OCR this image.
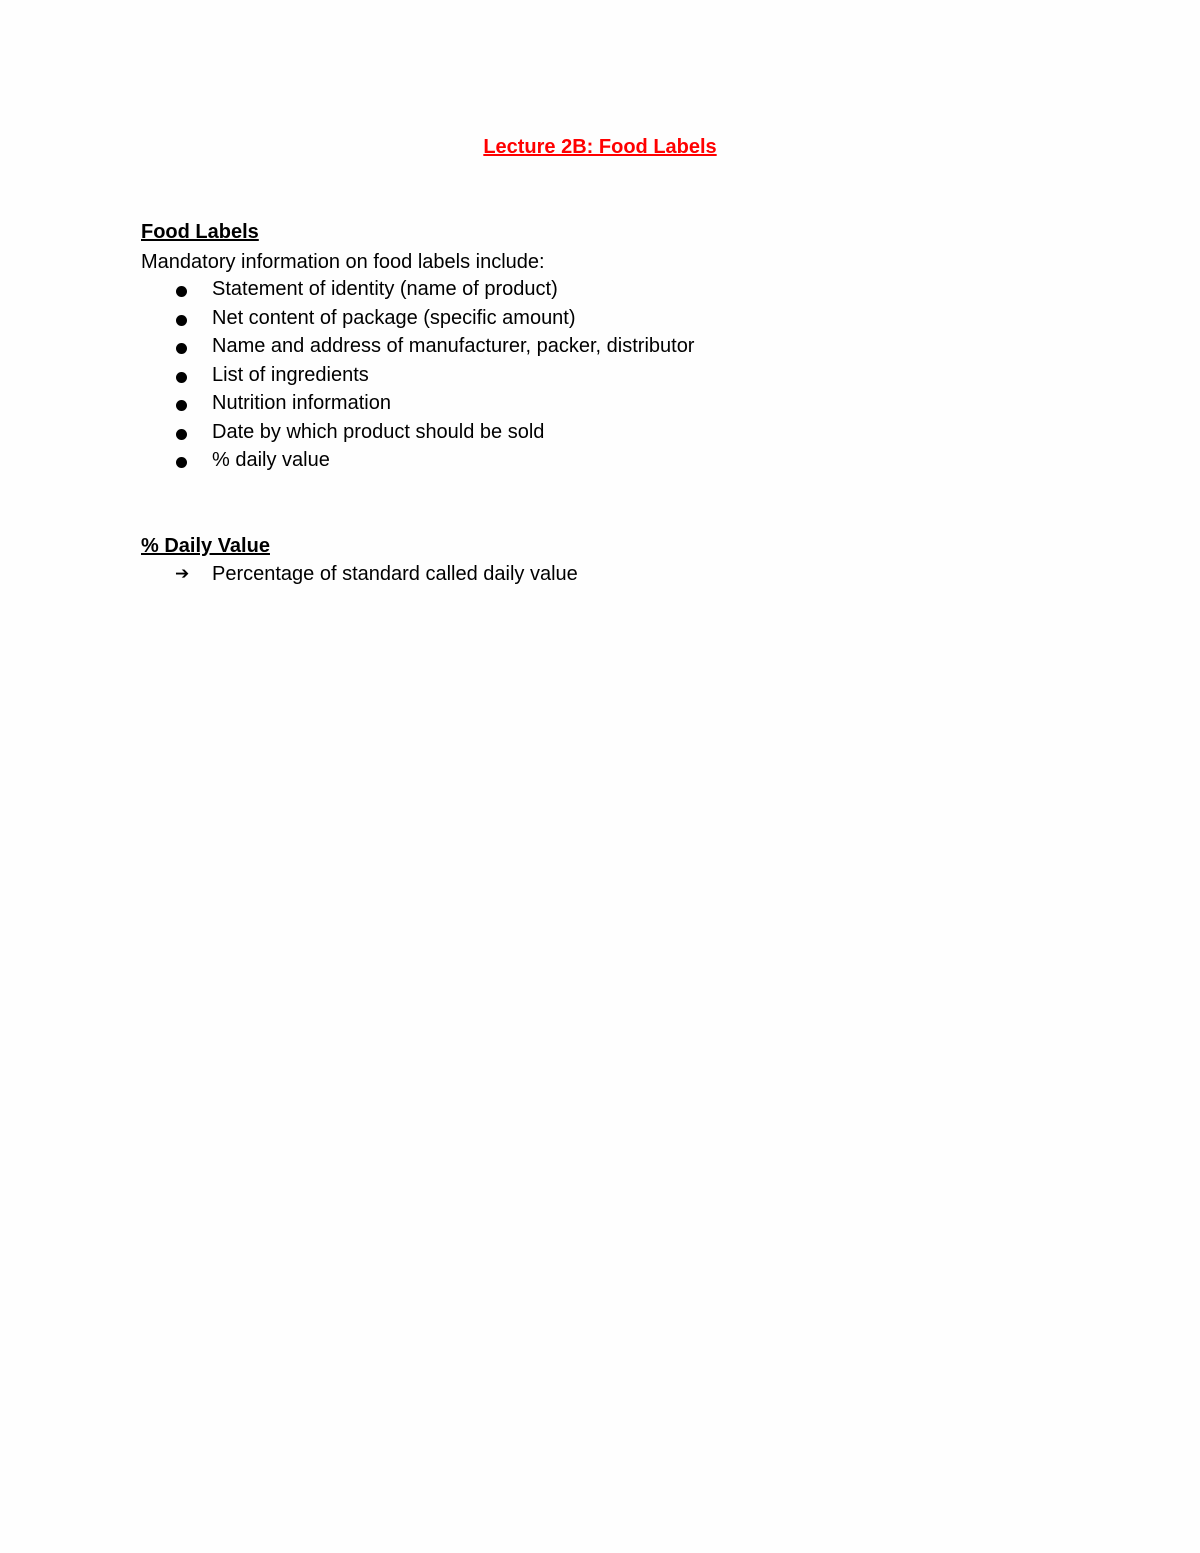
Lecture 2B: Food Labels
Food Labels
Mandatory information on food labels include:
Statement of identity (name of product)
Net content of package (specific amount)
Name and address of manufacturer, packer, distributor
List of ingredients
Nutrition information
Date by which product should be sold
% daily value
% Daily Value
➔ Percentage of standard called daily value
